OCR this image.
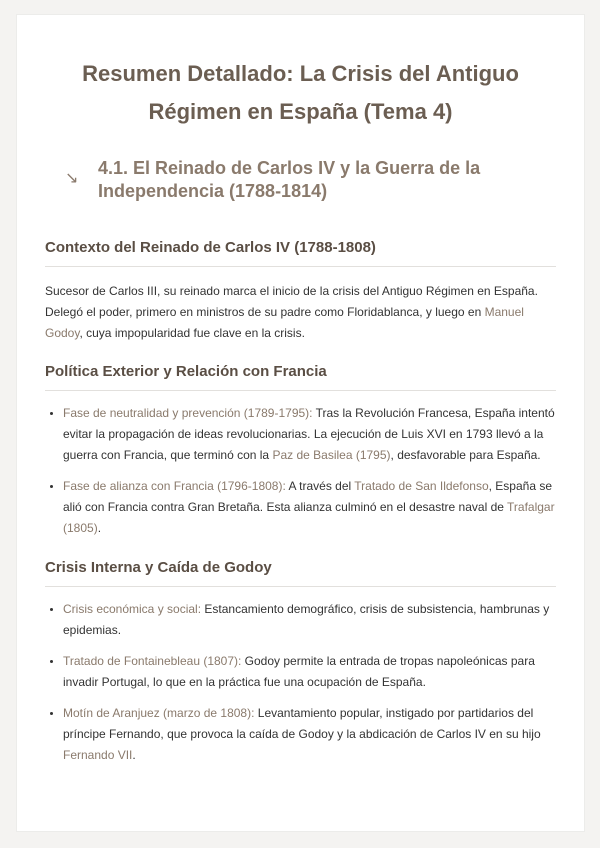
Resumen Detallado: La Crisis del Antiguo Régimen en España (Tema 4)
↘ 4.1. El Reinado de Carlos IV y la Guerra de la Independencia (1788-1814)
Contexto del Reinado de Carlos IV (1788-1808)

Sucesor de Carlos III, su reinado marca el inicio de la crisis del Antiguo Régimen en España. Delegó el poder, primero en ministros de su padre como Floridablanca, y luego en Manuel Godoy, cuya impopularidad fue clave en la crisis.

Política Exterior y Relación con Francia
• Fase de neutralidad y prevención (1789-1795): Tras la Revolución Francesa, España intentó evitar la propagación de ideas revolucionarias. La ejecución de Luis XVI en 1793 llevó a la guerra con Francia, que terminó con la Paz de Basilea (1795), desfavorable para España.
• Fase de alianza con Francia (1796-1808): A través del Tratado de San Ildefonso, España se alió con Francia contra Gran Bretaña. Esta alianza culminó en el desastre naval de Trafalgar (1805).
Crisis Interna y Caída de Godoy
• Crisis económica y social: Estancamiento demográfico, crisis de subsistencia, hambrunas y epidemias.
• Tratado de Fontainebleau (1807): Godoy permite la entrada de tropas napoleónicas para invadir Portugal, lo que en la práctica fue una ocupación de España.
• Motín de Aranjuez (marzo de 1808): Levantamiento popular, instigado por partidarios del príncipe Fernando, que provoca la caída de Godoy y la abdicación de Carlos IV en su hijo Fernando VII.
